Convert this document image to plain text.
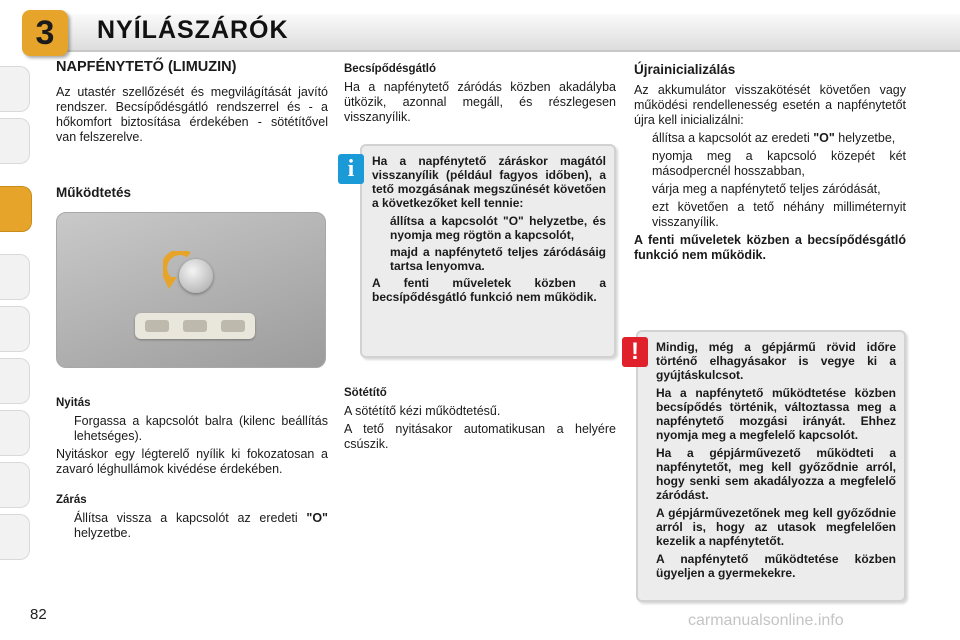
NYÍLÁSZÁRÓK
3
NAPFÉNYTETŐ (LIMUZIN)

Az utastér szellőzését és megvilágítását javító rendszer. Becsípődésgátló rendszerrel és - a hőkomfort biztosítása érdekében - sötétítővel van felszerelve.

Működtetés
Nyitás
Forgassa a kapcsolót balra (kilenc beállítás lehetséges).

Nyitáskor egy légterelő nyílik ki fokozatosan a zavaró léghullámok kivédése érdekében.

Zárás
Állítsa vissza a kapcsolót az eredeti "O" helyzetbe.
Becsípődésgátló

Ha a napfénytető záródás közben akadályba ütközik, azonnal megáll, és részlegesen visszanyílik.

Ha a napfénytető záráskor magától visszanyílik (például fagyos időben), a tető mozgásának megszűnését követően a következőket kell tennie:

állítsa a kapcsolót "O" helyzetbe, és nyomja meg rögtön a kapcsolót,
majd a napfénytető teljes záródásáig tartsa lenyomva.

A fenti műveletek közben a becsípődésgátló funkció nem működik.

i
Sötétítő

A sötétítő kézi működtetésű.

A tető nyitásakor automatikusan a helyére csúszik.

Újrainicializálás

Az akkumulátor visszakötését követően vagy működési rendellenesség esetén a napfénytetőt újra kell inicializálni:

állítsa a kapcsolót az eredeti "O" helyzetbe,
nyomja meg a kapcsoló közepét két másodpercnél hosszabban,
várja meg a napfénytető teljes záródását,
ezt követően a tető néhány milliméternyit visszanyílik.

A fenti műveletek közben a becsípődésgátló funkció nem működik.

Mindig, még a gépjármű rövid időre történő elhagyásakor is vegye ki a gyújtáskulcsot.

Ha a napfénytető működtetése közben becsípődés történik, változtassa meg a napfénytető mozgási irányát. Ehhez nyomja meg a megfelelő kapcsolót.

Ha a gépjárművezető működteti a napfénytetőt, meg kell győződnie arról, hogy senki sem akadályozza a megfelelő záródást.

A gépjárművezetőnek meg kell győződnie arról is, hogy az utasok megfelelően kezelik a napfénytetőt.

A napfénytető működtetése közben ügyeljen a gyermekekre.

!
82	carmanualsonline.info
